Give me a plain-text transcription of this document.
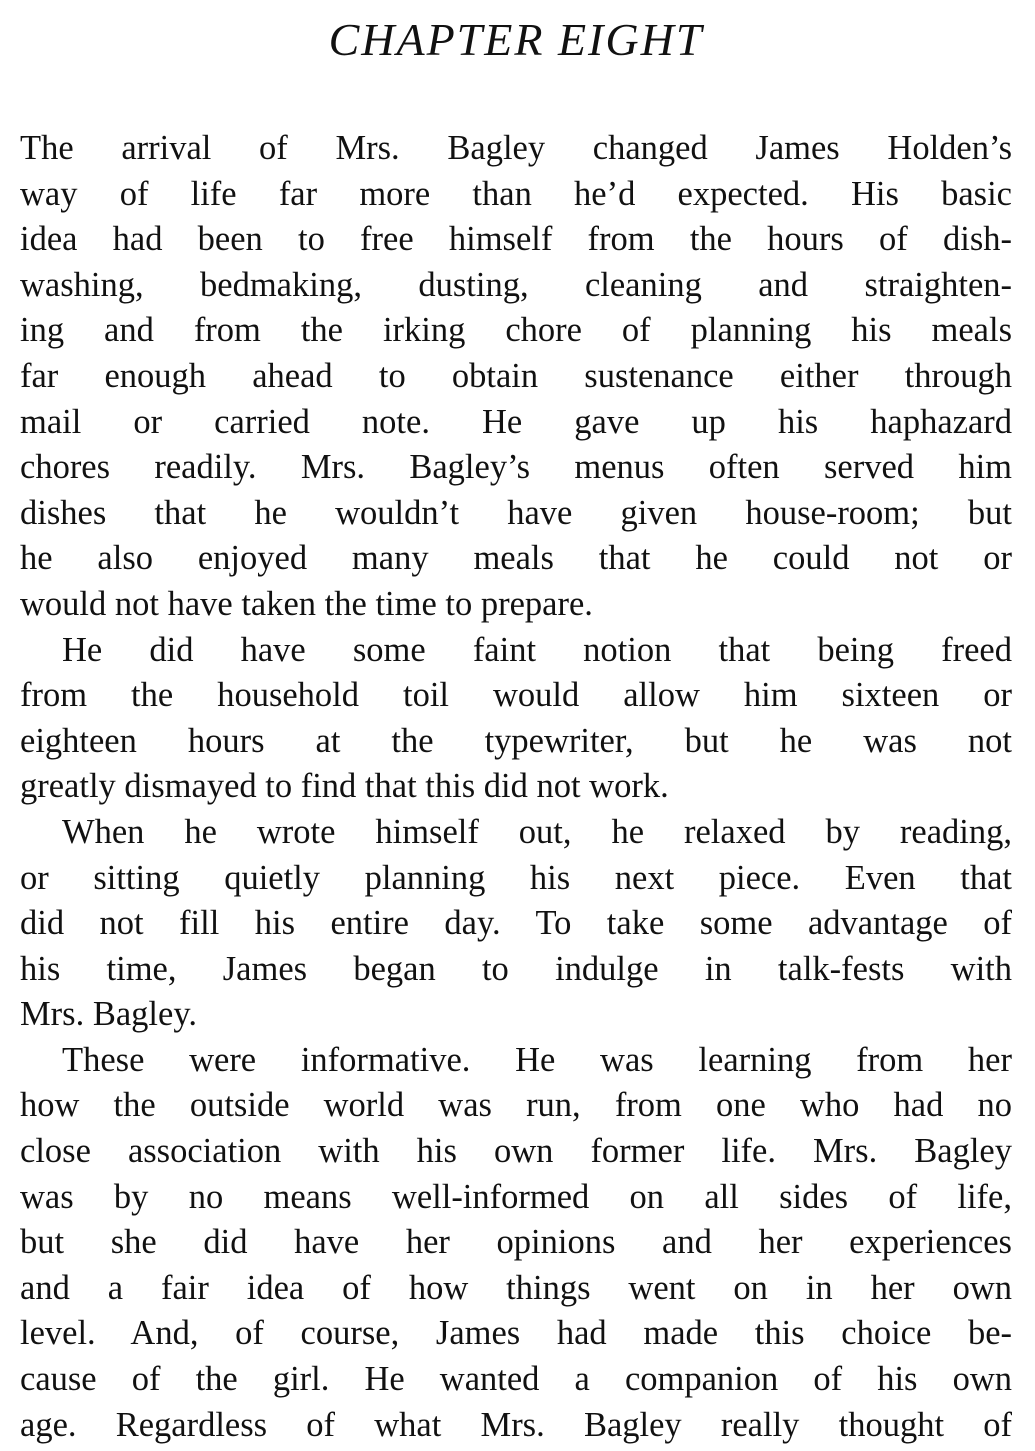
CHAPTER EIGHT
The arrival of Mrs. Bagley changed James Holden’s
way of life far more than he’d expected. His basic
idea had been to free himself from the hours of dish-
washing, bedmaking, dusting, cleaning and straighten-
ing and from the irking chore of planning his meals
far enough ahead to obtain sustenance either through
mail or carried note. He gave up his haphazard
chores readily. Mrs. Bagley’s menus often served him
dishes that he wouldn’t have given house-room; but
he also enjoyed many meals that he could not or
would not have taken the time to prepare.
He did have some faint notion that being freed
from the household toil would allow him sixteen or
eighteen hours at the typewriter, but he was not
greatly dismayed to find that this did not work.
When he wrote himself out, he relaxed by reading,
or sitting quietly planning his next piece. Even that
did not fill his entire day. To take some advantage of
his time, James began to indulge in talk-fests with
Mrs. Bagley.
These were informative. He was learning from her
how the outside world was run, from one who had no
close association with his own former life. Mrs. Bagley
was by no means well-informed on all sides of life,
but she did have her opinions and her experiences
and a fair idea of how things went on in her own
level. And, of course, James had made this choice be-
cause of the girl. He wanted a companion of his own
age. Regardless of what Mrs. Bagley really thought of
